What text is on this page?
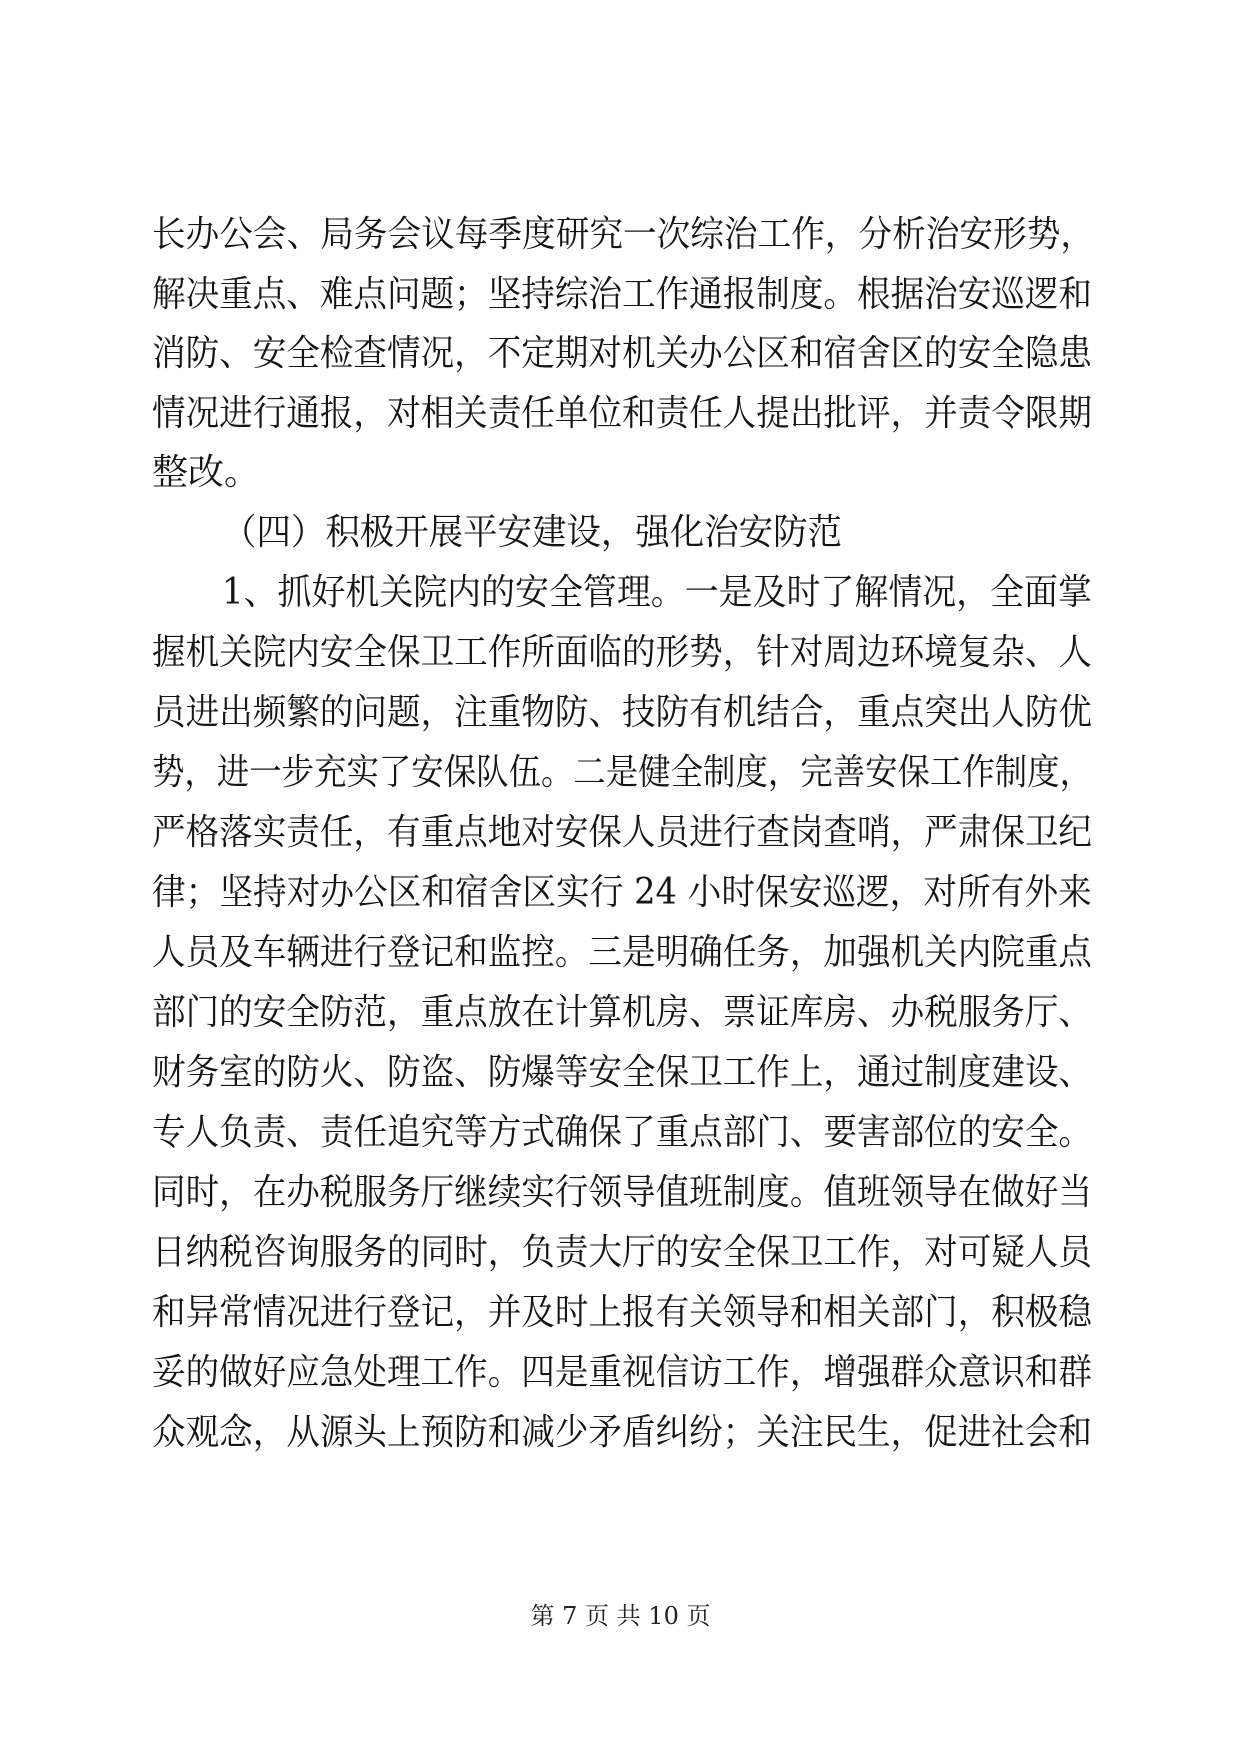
长办公会、局务会议每季度研究一次综治工作，分析治安形势，

解决重点、难点问题；坚持综治工作通报制度。根据治安巡逻和

消防、安全检查情况，不定期对机关办公区和宿舍区的安全隐患

情况进行通报，对相关责任单位和责任人提出批评，并责令限期

整改。

（四）积极开展平安建设，强化治安防范

1、抓好机关院内的安全管理。一是及时了解情况，全面掌

握机关院内安全保卫工作所面临的形势，针对周边环境复杂、人

员进出频繁的问题，注重物防、技防有机结合，重点突出人防优

势，进一步充实了安保队伍。二是健全制度，完善安保工作制度，

严格落实责任，有重点地对安保人员进行查岗查哨，严肃保卫纪

律；坚持对办公区和宿舍区实行 24 小时保安巡逻，对所有外来

人员及车辆进行登记和监控。三是明确任务，加强机关内院重点

部门的安全防范，重点放在计算机房、票证库房、办税服务厅、

财务室的防火、防盗、防爆等安全保卫工作上，通过制度建设、

专人负责、责任追究等方式确保了重点部门、要害部位的安全。

同时，在办税服务厅继续实行领导值班制度。值班领导在做好当

日纳税咨询服务的同时，负责大厅的安全保卫工作，对可疑人员

和异常情况进行登记，并及时上报有关领导和相关部门，积极稳

妥的做好应急处理工作。四是重视信访工作，增强群众意识和群

众观念，从源头上预防和减少矛盾纠纷；关注民生，促进社会和

第 7 页 共 10 页
